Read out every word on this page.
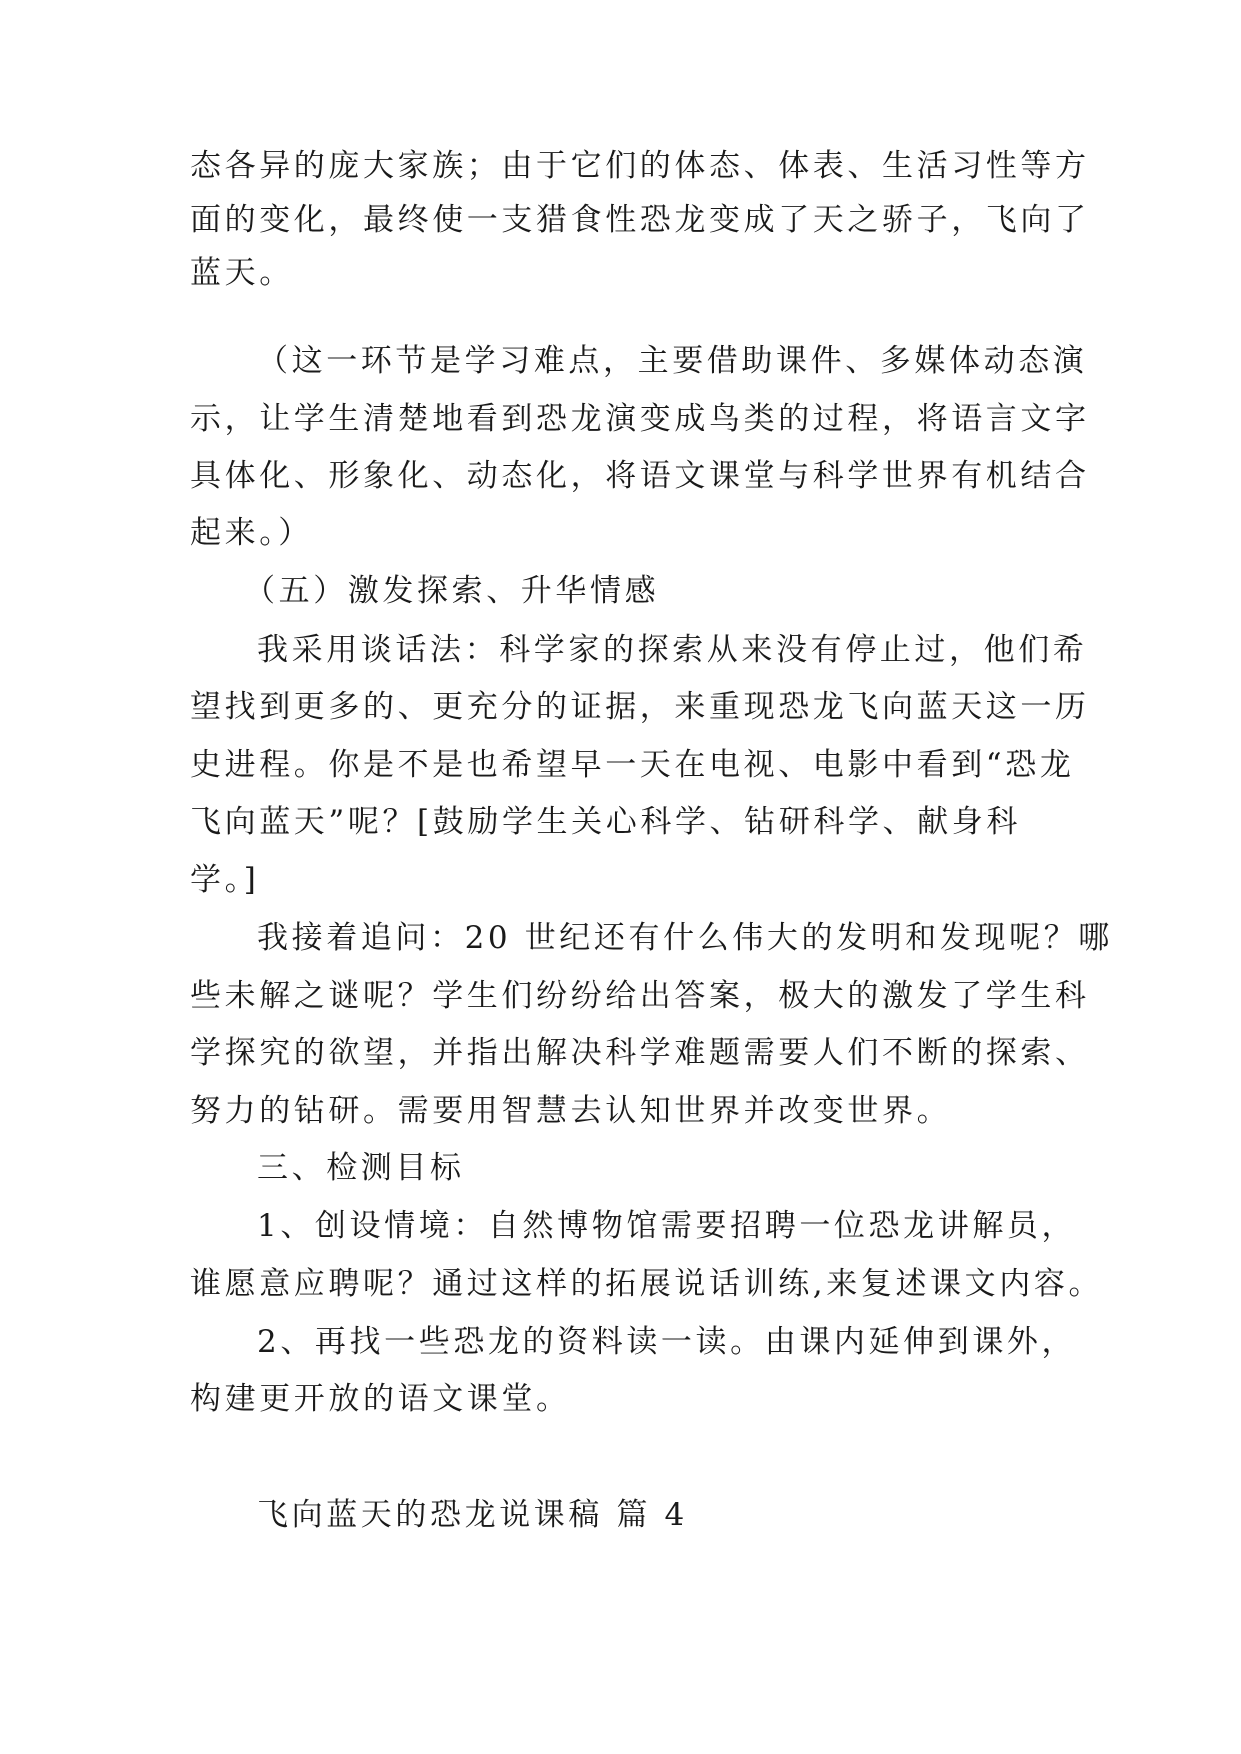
态各异的庞大家族；由于它们的体态、体表、生活习性等方
面的变化，最终使一支猎食性恐龙变成了天之骄子，飞向了
蓝天。
（这一环节是学习难点，主要借助课件、多媒体动态演
示，让学生清楚地看到恐龙演变成鸟类的过程，将语言文字
具体化、形象化、动态化，将语文课堂与科学世界有机结合
起来。）
（五）激发探索、升华情感
我采用谈话法：科学家的探索从来没有停止过，他们希
望找到更多的、更充分的证据，来重现恐龙飞向蓝天这一历
史进程。你是不是也希望早一天在电视、电影中看到“恐龙
飞向蓝天”呢？[鼓励学生关心科学、钻研科学、献身科
学。]
我接着追问：20 世纪还有什么伟大的发明和发现呢？哪
些未解之谜呢？学生们纷纷给出答案，极大的激发了学生科
学探究的欲望，并指出解决科学难题需要人们不断的探索、
努力的钻研。需要用智慧去认知世界并改变世界。
三、检测目标
1、创设情境：自然博物馆需要招聘一位恐龙讲解员，
谁愿意应聘呢？通过这样的拓展说话训练,来复述课文内容。
2、再找一些恐龙的资料读一读。由课内延伸到课外，
构建更开放的语文课堂。
飞向蓝天的恐龙说课稿 篇 4
